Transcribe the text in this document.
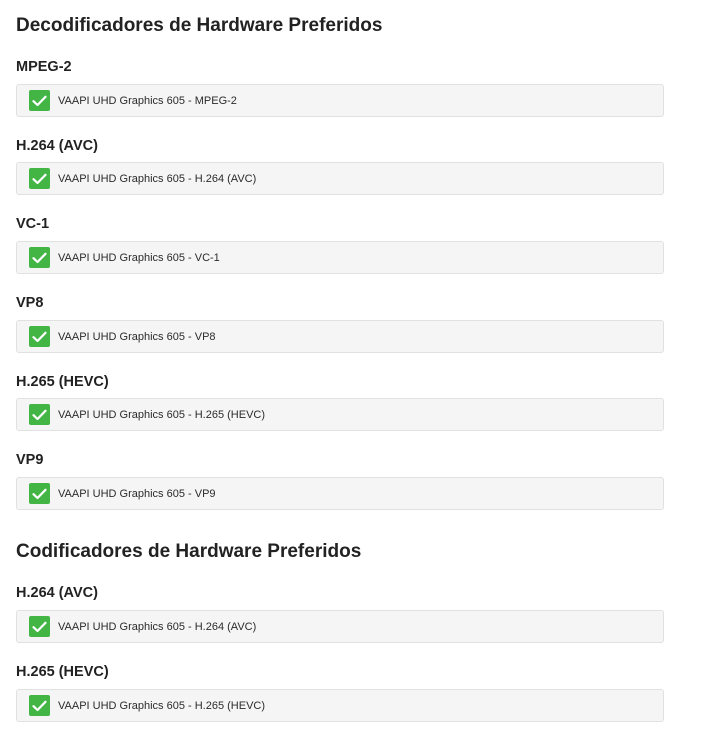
Decodificadores de Hardware Preferidos
MPEG-2
VAAPI UHD Graphics 605 - MPEG-2
H.264 (AVC)
VAAPI UHD Graphics 605 - H.264 (AVC)
VC-1
VAAPI UHD Graphics 605 - VC-1
VP8
VAAPI UHD Graphics 605 - VP8
H.265 (HEVC)
VAAPI UHD Graphics 605 - H.265 (HEVC)
VP9
VAAPI UHD Graphics 605 - VP9
Codificadores de Hardware Preferidos
H.264 (AVC)
VAAPI UHD Graphics 605 - H.264 (AVC)
H.265 (HEVC)
VAAPI UHD Graphics 605 - H.265 (HEVC)
